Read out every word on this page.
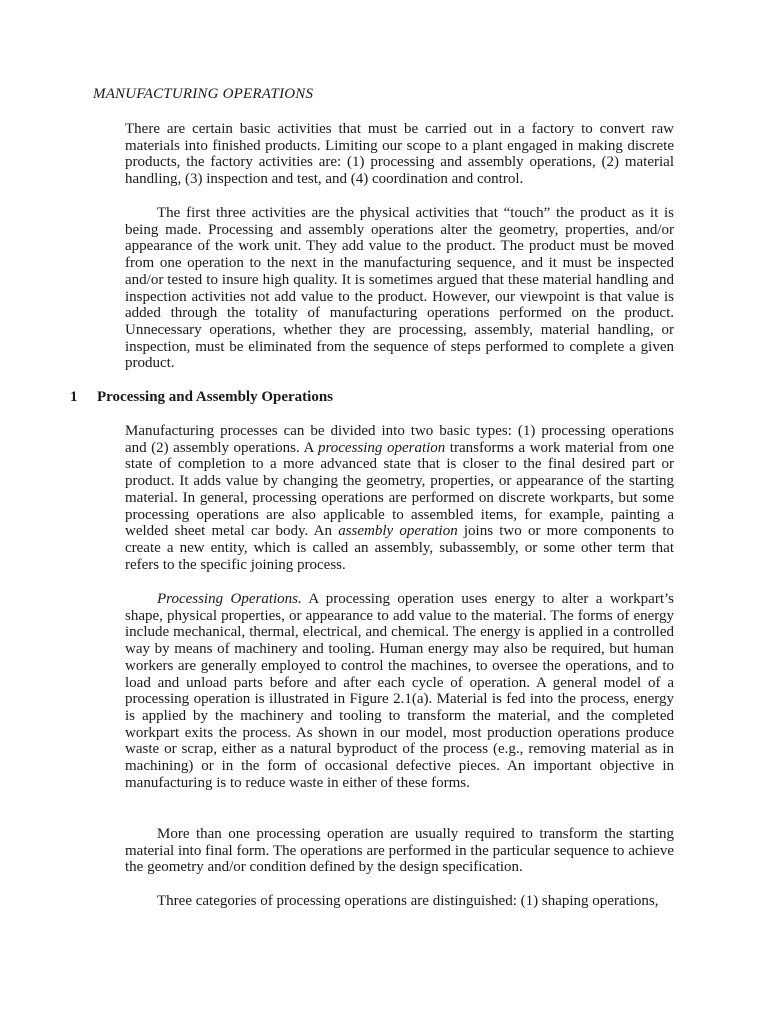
MANUFACTURING OPERATIONS

There are certain basic activities that must be carried out in a factory to convert raw materials into finished products. Limiting our scope to a plant engaged in making discrete products, the factory activities are: (1) processing and assembly operations, (2) material handling, (3) inspection and test, and (4) coordination and control.

The first three activities are the physical activities that “touch” the product as it is being made. Processing and assembly operations alter the geometry, properties, and/or appearance of the work unit. They add value to the product. The product must be moved from one operation to the next in the manufacturing sequence, and it must be inspected and/or tested to insure high quality. It is sometimes argued that these material handling and inspection activities not add value to the product. However, our viewpoint is that value is added through the totality of manufacturing operations performed on the product. Unnecessary operations, whether they are processing, assembly, material handling, or inspection, must be eliminated from the sequence of steps performed to complete a given product.

1 Processing and Assembly Operations

Manufacturing processes can be divided into two basic types: (1) processing operations and (2) assembly operations. A processing operation transforms a work material from one state of completion to a more advanced state that is closer to the final desired part or product. It adds value by changing the geometry, properties, or appearance of the starting material. In general, processing operations are performed on discrete workparts, but some processing operations are also applicable to assembled items, for example, painting a welded sheet metal car body. An assembly operation joins two or more components to create a new entity, which is called an assembly, subassembly, or some other term that refers to the specific joining process.

Processing Operations. A processing operation uses energy to alter a workpart’s shape, physical properties, or appearance to add value to the material. The forms of energy include mechanical, thermal, electrical, and chemical. The energy is applied in a controlled way by means of machinery and tooling. Human energy may also be required, but human workers are generally employed to control the machines, to oversee the operations, and to load and unload parts before and after each cycle of operation. A general model of a processing operation is illustrated in Figure 2.1(a). Material is fed into the process, energy is applied by the machinery and tooling to transform the material, and the completed workpart exits the process. As shown in our model, most production operations produce waste or scrap, either as a natural byproduct of the process (e.g., removing material as in machining) or in the form of occasional defective pieces. An important objective in manufacturing is to reduce waste in either of these forms.

More than one processing operation are usually required to transform the starting material into final form. The operations are performed in the particular sequence to achieve the geometry and/or condition defined by the design specification.

Three categories of processing operations are distinguished: (1) shaping operations,
